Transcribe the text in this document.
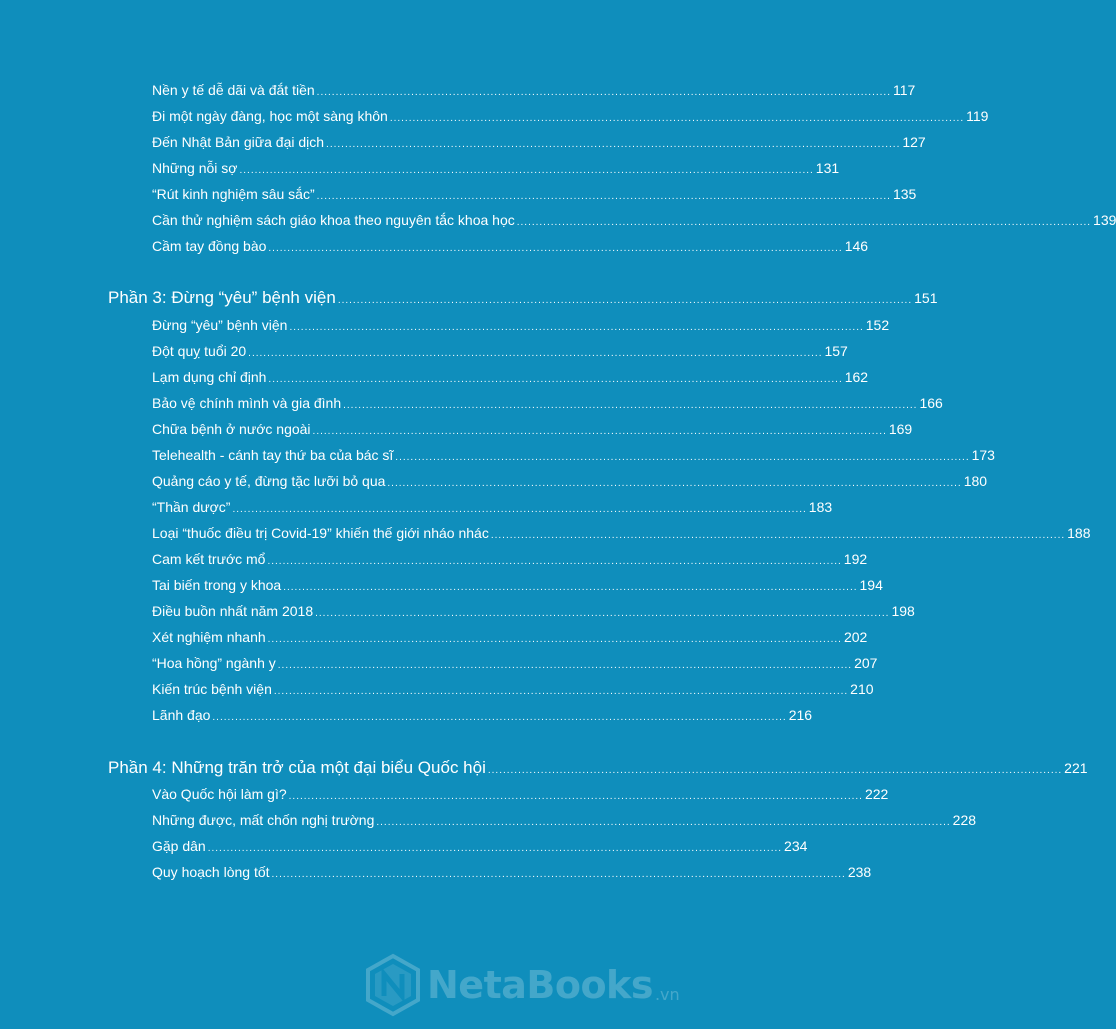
Nền y tế dễ dãi và đắt tiền ........................................................................................................................................................ 117
Đi một ngày đàng, học một sàng khôn ........................................................................................................................................................ 119
Đến Nhật Bản giữa đại dịch ........................................................................................................................................................ 127
Những nỗi sợ ........................................................................................................................................................ 131
“Rút kinh nghiệm sâu sắc” ........................................................................................................................................................ 135
Cần thử nghiệm sách giáo khoa theo nguyên tắc khoa học ........................................................................................................................................................ 139
Cầm tay đồng bào ........................................................................................................................................................ 146
Phần 3: Đừng “yêu” bệnh viện ........................................................................................................................................................ 151
Đừng “yêu” bệnh viện ........................................................................................................................................................ 152
Đột quỵ tuổi 20 ........................................................................................................................................................ 157
Lạm dụng chỉ định ........................................................................................................................................................ 162
Bảo vệ chính mình và gia đình ........................................................................................................................................................ 166
Chữa bệnh ở nước ngoài ........................................................................................................................................................ 169
Telehealth - cánh tay thứ ba của bác sĩ ........................................................................................................................................................ 173
Quảng cáo y tế, đừng tặc lưỡi bỏ qua ........................................................................................................................................................ 180
“Thần dược” ........................................................................................................................................................ 183
Loại “thuốc điều trị Covid-19” khiến thế giới nháo nhác ........................................................................................................................................................ 188
Cam kết trước mổ ........................................................................................................................................................ 192
Tai biến trong y khoa ........................................................................................................................................................ 194
Điều buồn nhất năm 2018 ........................................................................................................................................................ 198
Xét nghiệm nhanh ........................................................................................................................................................ 202
“Hoa hồng” ngành y ........................................................................................................................................................ 207
Kiến trúc bệnh viện ........................................................................................................................................................ 210
Lãnh đạo ........................................................................................................................................................ 216
Phần 4: Những trăn trở của một đại biểu Quốc hội ........................................................................................................................................................ 221
Vào Quốc hội làm gì? ........................................................................................................................................................ 222
Những được, mất chốn nghị trường ........................................................................................................................................................ 228
Gặp dân ........................................................................................................................................................ 234
Quy hoạch lòng tốt ........................................................................................................................................................ 238
NetaBooks .vn
